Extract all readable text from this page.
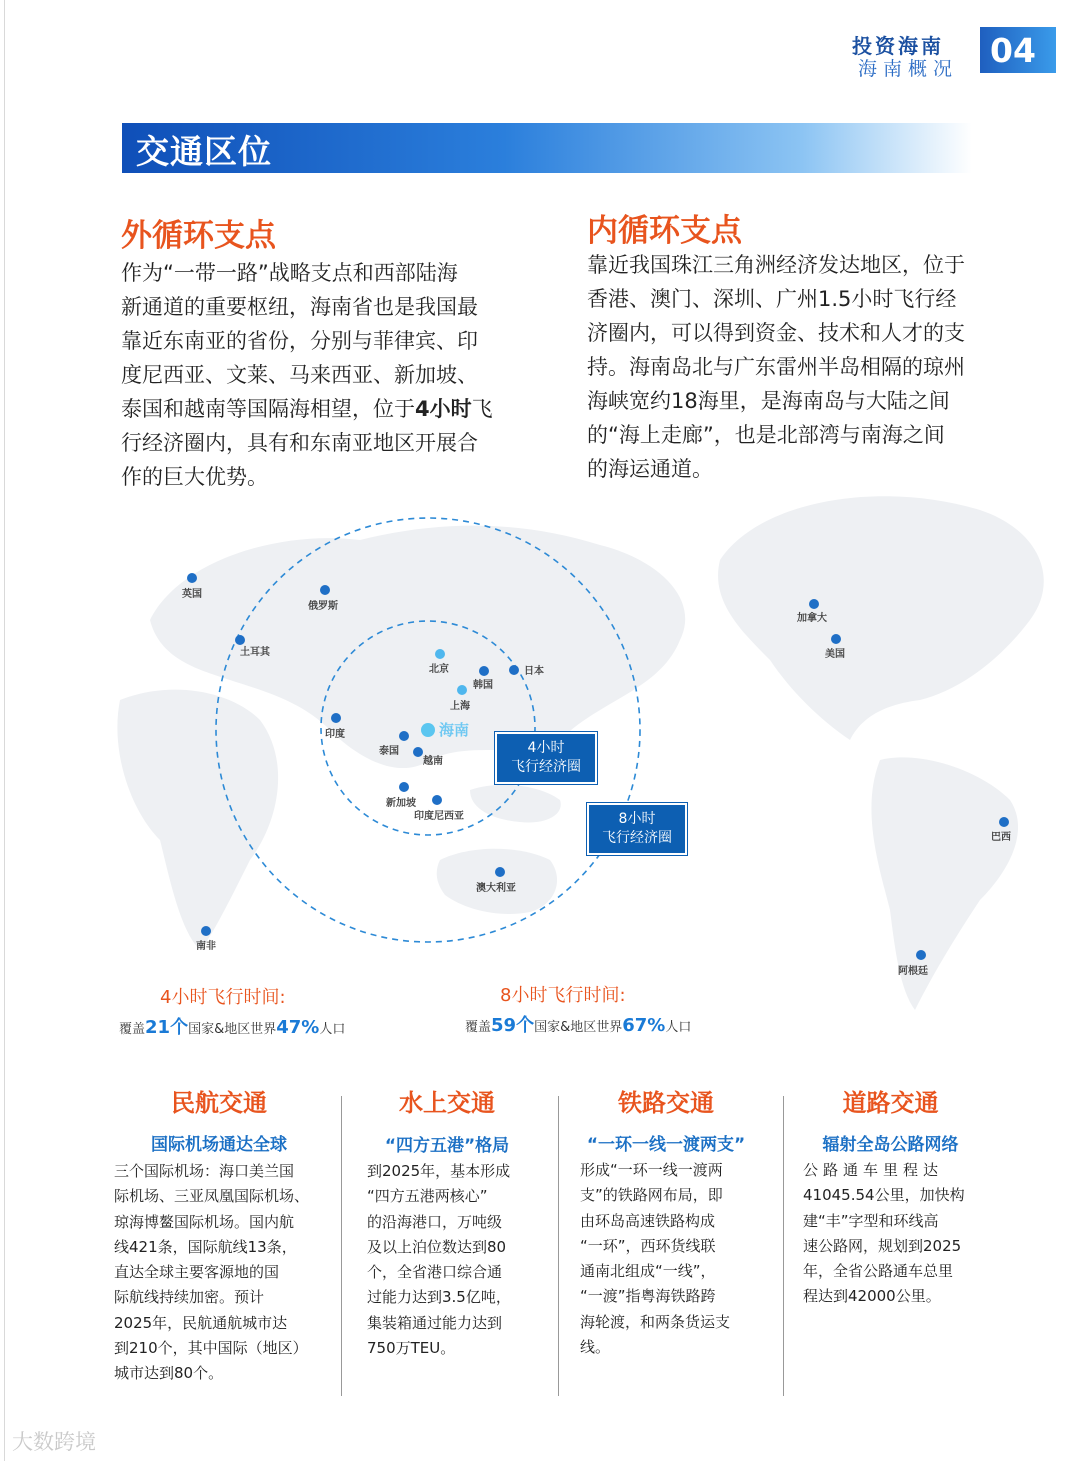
投资海南
海南概况 04
交通区位
外循环支点
作为“一带一路”战略支点和西部陆海
新通道的重要枢纽，海南省也是我国最
靠近东南亚的省份，分别与菲律宾、印
度尼西亚、文莱、马来西亚、新加坡、
泰国和越南等国隔海相望，位于4小时飞
行经济圈内，具有和东南亚地区开展合
作的巨大优势。
内循环支点
靠近我国珠江三角洲经济发达地区，位于
香港、澳门、深圳、广州1.5小时飞行经
济圈内，可以得到资金、技术和人才的支
持。海南岛北与广东雷州半岛相隔的琼州
海峡宽约18海里，是海南岛与大陆之间
的“海上走廊”，也是北部湾与南海之间
的海运通道。
海南
英国
俄罗斯
土耳其
北京
韩国
日本
上海
印度
泰国
越南
新加坡
印度尼西亚
澳大利亚
南非
加拿大
美国
巴西
阿根廷
4小时
飞行经济圈
8小时
飞行经济圈
4小时飞行时间:
覆盖21个国家&地区世界47%人口
8小时飞行时间:
覆盖59个国家&地区世界67%人口
民航交通
国际机场通达全球
三个国际机场：海口美兰国
际机场、三亚凤凰国际机场、
琼海博鳌国际机场。国内航
线421条，国际航线13条，
直达全球主要客源地的国
际航线持续加密。预计
2025年，民航通航城市达
到210个，其中国际（地区）
城市达到80个。
水上交通
“四方五港”格局
到2025年，基本形成
“四方五港两核心”
的沿海港口，万吨级
及以上泊位数达到80
个，全省港口综合通
过能力达到3.5亿吨，
集装箱通过能力达到
750万TEU。
铁路交通
“一环一线一渡两支”
形成“一环一线一渡两
支”的铁路网布局，即
由环岛高速铁路构成
“一环”，西环货线联
通南北组成“一线”，
“一渡”指粤海铁路跨
海轮渡，和两条货运支
线。
道路交通
辐射全岛公路网络
公路通车里程达
41045.54公里，加快构
建“丰”字型和环线高
速公路网，规划到2025
年，全省公路通车总里
程达到42000公里。
大数跨境
